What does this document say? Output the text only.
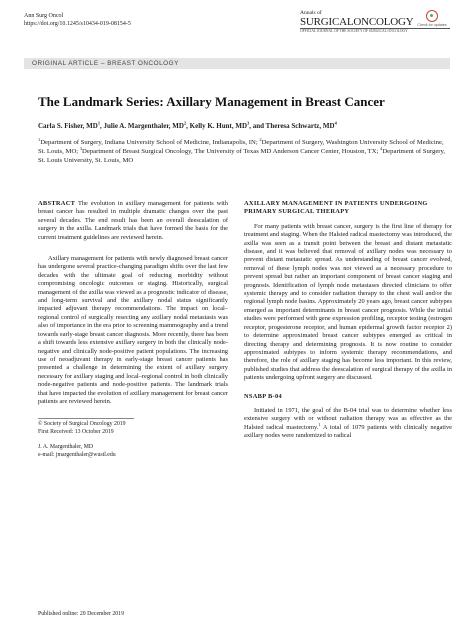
Ann Surg Oncol
https://doi.org/10.1245/s10434-019-08154-5
Annals of
SURGICALONCOLOGY
OFFICIAL JOURNAL OF THE SOCIETY OF SURGICAL ONCOLOGY
Check for updates
ORIGINAL ARTICLE – BREAST ONCOLOGY
The Landmark Series: Axillary Management in Breast Cancer
Carla S. Fisher, $MD^1$, Julie A. Margenthaler, $MD^2$, Kelly K. Hunt, $MD^3$, and Theresa Schwartz, $MD^4$
$^1$Department of Surgery, Indiana University School of Medicine, Indianapolis, IN; $^2$Department of Surgery, Washington University School of Medicine, St. Louis, MO; $^3$Department of Breast Surgical Oncology, The University of Texas MD Anderson Cancer Center, Houston, TX; $^4$Department of Surgery, St. Louis University, St. Louis, MO

ABSTRACT The evolution in axillary management for patients with breast cancer has resulted in multiple dramatic changes over the past several decades. The end result has been an overall deescalation of surgery in the axilla. Landmark trials that have formed the basis for the current treatment guidelines are reviewed herein.

Axillary management for patients with newly diagnosed breast cancer has undergone several practice-changing paradigm shifts over the last few decades with the ultimate goal of reducing morbidity without compromising oncologic outcomes or staging. Historically, surgical management of the axilla was viewed as a prognostic indicator of disease, and long-term survival and the axillary nodal status significantly impacted adjuvant therapy recommendations. The impact on local–regional control of surgically resecting any axillary nodal metastasis was also of importance in the era prior to screening mammography and a trend towards early-stage breast cancer diagnosis. More recently, there has been a shift towards less extensive axillary surgery in both the clinically node-negative and clinically node-positive patient populations. The increasing use of neoadjuvant therapy in early-stage breast cancer patients has presented a challenge in determining the extent of axillary surgery necessary for axillary staging and local–regional control in both clinically node-negative patients and node-positive patients. The landmark trials that have impacted the evolution of axillary management for breast cancer patients are reviewed herein.

© Society of Surgical Oncology 2019
First Received: 13 October 2019
J. A. Margenthaler, MD
e-mail: jmargenthaler@wustl.edu

AXILLARY MANAGEMENT IN PATIENTS UNDERGOING PRIMARY SURGICAL THERAPY

For many patients with breast cancer, surgery is the first line of therapy for treatment and staging. When the Halsted radical mastectomy was introduced, the axilla was seen as a transit point between the breast and distant metastatic disease, and it was believed that removal of axillary nodes was necessary to prevent distant metastatic spread. As understanding of breast cancer evolved, removal of these lymph nodes was not viewed as a necessary procedure to prevent spread but rather an important component of breast cancer staging and prognosis. Identification of lymph node metastases directed clinicians to offer systemic therapy and to consider radiation therapy to the chest wall and/or the regional lymph node basins. Approximately 20 years ago, breast cancer subtypes emerged as important determinants in breast cancer prognosis. While the initial studies were performed with gene expression profiling, receptor testing (estrogen receptor, progesterone receptor, and human epidermal growth factor receptor 2) to determine approximated breast cancer subtypes emerged as critical in directing therapy and determining prognosis. It is now routine to consider approximated subtypes to inform systemic therapy recommendations, and therefore, the role of axillary staging has become less important. In this review, published studies that address the deescalation of surgical therapy of the axilla in patients undergoing upfront surgery are discussed.

NSABP B-04

Initiated in 1971, the goal of the B-04 trial was to determine whether less extensive surgery with or without radiation therapy was as effective as the Halsted radical mastectomy.$^1$ A total of 1079 patients with clinically negative axillary nodes were randomized to radical

Published online: 20 December 2019
